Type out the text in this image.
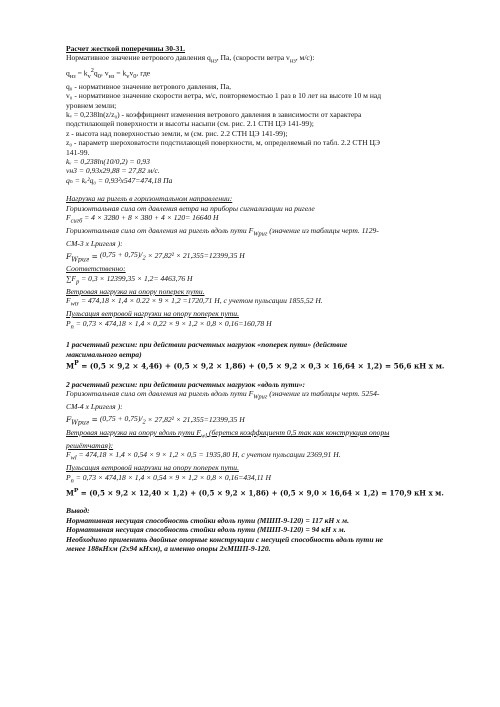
Расчет жесткой поперечины 30-31.
Нормативное значение ветрового давления $q_{нз}$, Па, (скорости ветра $v_{нз}$, м/с):
$q_{нз} = k_v^2q_0$, $v_{нз} = k_vv_0$, где
q₀ - нормативное значение ветрового давления, Па,
v₀ - нормативное значение скорости ветра, м/с, повторяемостью 1 раз в 10 лет на высоте 10 м над
уровнем земли;
kᵥ = 0,238ln(z/z₀) - коэффициент изменения ветрового давления в зависимости от характера
подстилающей поверхности и высоты насыпи (см. рис. 2.1 СТН ЦЭ 141-99);
z - высота над поверхностью земли, м (см. рис. 2.2 СТН ЦЭ 141-99);
z₀ - параметр шероховатости подстилающей поверхности, м, определяемый по табл. 2.2 СТН ЦЭ
141-99.
kᵥ = 0,238ln(10/0,2) = 0,93
vн3 = 0,93x29,88 = 27,82 м/с.
qₙ = kᵥ²q₀ = 0,93²x547=474,18 Па
Нагрузка на ригель в горизонтальном направлении:
Горизонтальная сила от давления ветра на приборы сигнализации на ригеле
$F_{сигб} = 4 \times 3280 + 8 \times 380 + 4 \times 120= 16640$ Н
Горизонтальная сила от давления на ригель вдоль пути $F_{Wриг}$ (значение из таблицы черт. 1129-
СМ-3 х Lригеля ):
$F_{Wриг} = (0,75 + 0,75)/_2 \times 27,82^2 \times 21,355=12399,35$ Н
Соответственно:
$\sum F_p = 0,3 \times 12399,35 \times 1,2= 4463,76$ Н
Ветровая нагрузка на опору поперек пути.
$F_{wtr} = 474,18 \times 1,4 \times 0.22 \times 9 \times 1,2 =1720,71$ Н, с учетом пульсации 1855,52 Н.
Пульсация ветровой нагрузки на опору поперек пути.
$P_n = 0,73 \times 474,18 \times 1,4 \times 0,22 \times 9 \times 1,2 \times 0,8 \times 0,16=160,78$ Н
1 расчетный режим: при действии расчетных нагрузок «поперек пути» (действие
максимального ветра)
$M^P = (0,5 \times 9,2 \times 4,46) + (0,5 \times 9,2 \times 1,86) + (0,5 \times 9,2 \times 0,3 \times 16,64 \times 1,2) = 56,6$ кН х м.
2 расчетный режим: при действии расчетных нагрузок «вдоль пути»:
Горизонтальная сила от давления на ригель вдоль пути $F_{Wриг}$ (значение из таблицы черт. 5254-
СМ-4 х Lригеля ):
$F_{Wриг} = (0,75 + 0,75)/_2 \times 27,82^2 \times 21,355=12399,35$ Н
Ветровая нагрузка на опору вдоль пути $F_{wl}$ (берется коэффициент 0,5 так как конструкция опоры
решётчатая):
$F_{wl} = 474,18 \times 1,4 \times 0,54 \times 9 \times 1,2 \times 0,5 = 1935,80$ Н, с учетом пульсации 2369,91 Н.
Пульсация ветровой нагрузки на опору поперек пути.
$P_n = 0,73 \times 474,18 \times 1,4 \times 0,54 \times 9 \times 1,2 \times 0,8 \times 0,16=434,11$ Н
$M^P = (0,5 \times 9,2 \times 12,40 \times 1,2) + (0,5 \times 9,2 \times 1,86) + (0,5 \times 9,0 \times 16,64 \times 1,2) = 170,9$ кН х м.
Вывод:
Нормативная несущая способность стойки вдоль пути (МШП-9-120) = 117 кН х м.
Нормативная несущая способность стойки вдоль пути (МШП-9-120) = 94 кН х м.
Необходимо применить двойные опорные конструкции с несущей способность вдоль пути не
менее 188кНхм (2х94 кНхм), а именно опоры 2хМШП-9-120.
